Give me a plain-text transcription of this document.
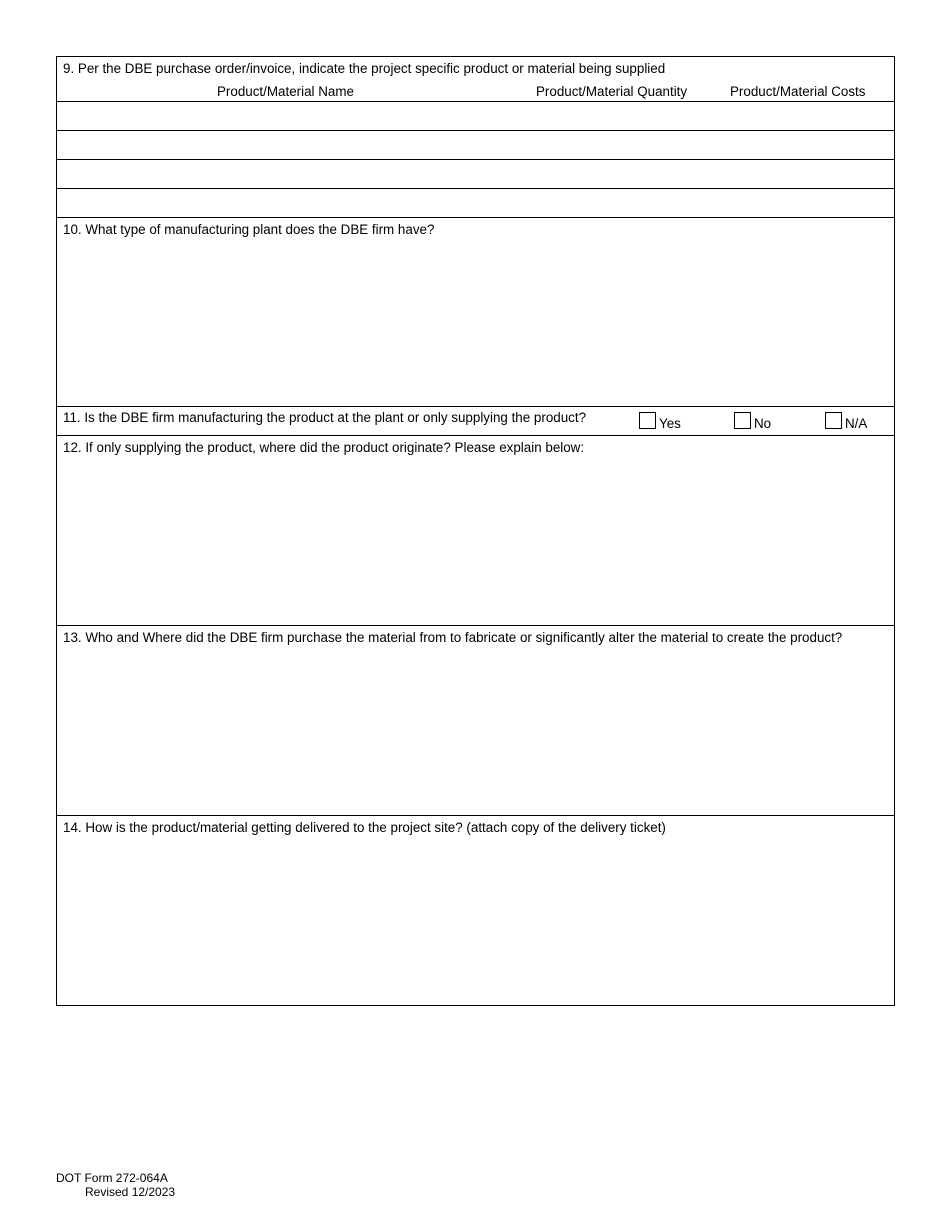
9. Per the DBE purchase order/invoice, indicate the project specific product or material being supplied
Product/Material Name	Product/Material Quantity	Product/Material Costs
10. What type of manufacturing plant does the DBE firm have?
11. Is the DBE firm manufacturing the product at the plant or only supplying the product?	Yes	No	N/A
12. If only supplying the product, where did the product originate? Please explain below:
13. Who and Where did the DBE firm purchase the material from to fabricate or significantly alter the material to create the product?
14. How is the product/material getting delivered to the project site? (attach copy of the delivery ticket)
DOT Form 272-064A
Revised 12/2023
